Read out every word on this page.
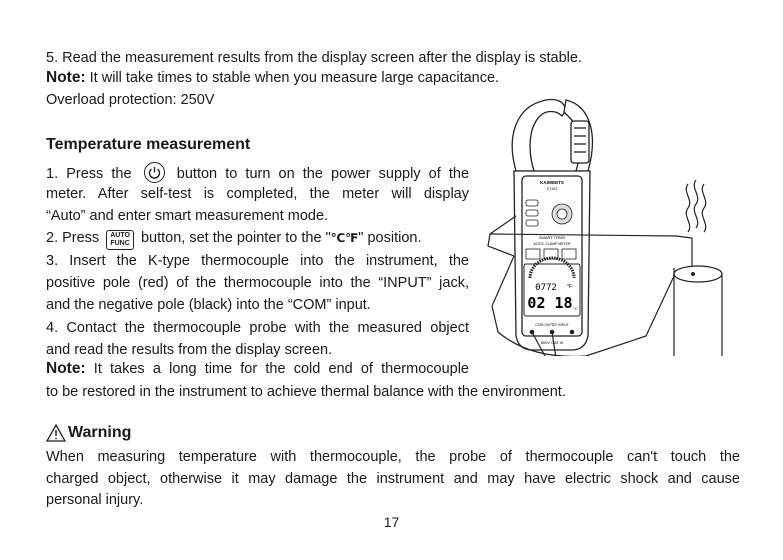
5. Read the measurement results from the display screen after the display is stable.
Note: It will take times to stable when you measure large capacitance.
Overload protection: 250V
Temperature measurement
1. Press the	button to turn on the power supply of the
meter. After self-test is completed, the meter will display
“Auto” and enter smart measurement mode.
2. Press AUTO
FUNC button, set the pointer to the "℃℉" position.
3. Insert the K-type thermocouple into the instrument, the
positive pole (red) of the thermocouple into the “INPUT” jack,
and the negative pole (black) into the “COM” input.
4. Contact the thermocouple probe with the measured object
and read the results from the display screen.
Note: It takes a long time for the cold end of thermocouple
to be restored in the instrument to achieve thermal balance with the environment.
KAIWEETS
KT103
SMART TRMS
AC/DC CLAMP METER
0772 °F
02 18 °C
COM VΩ/℃/F INPUT
600V CAT III
Warning
When measuring temperature with thermocouple, the probe of thermocouple can't touch the
charged object, otherwise it may damage the instrument and may have electric shock and cause
personal injury.
17
